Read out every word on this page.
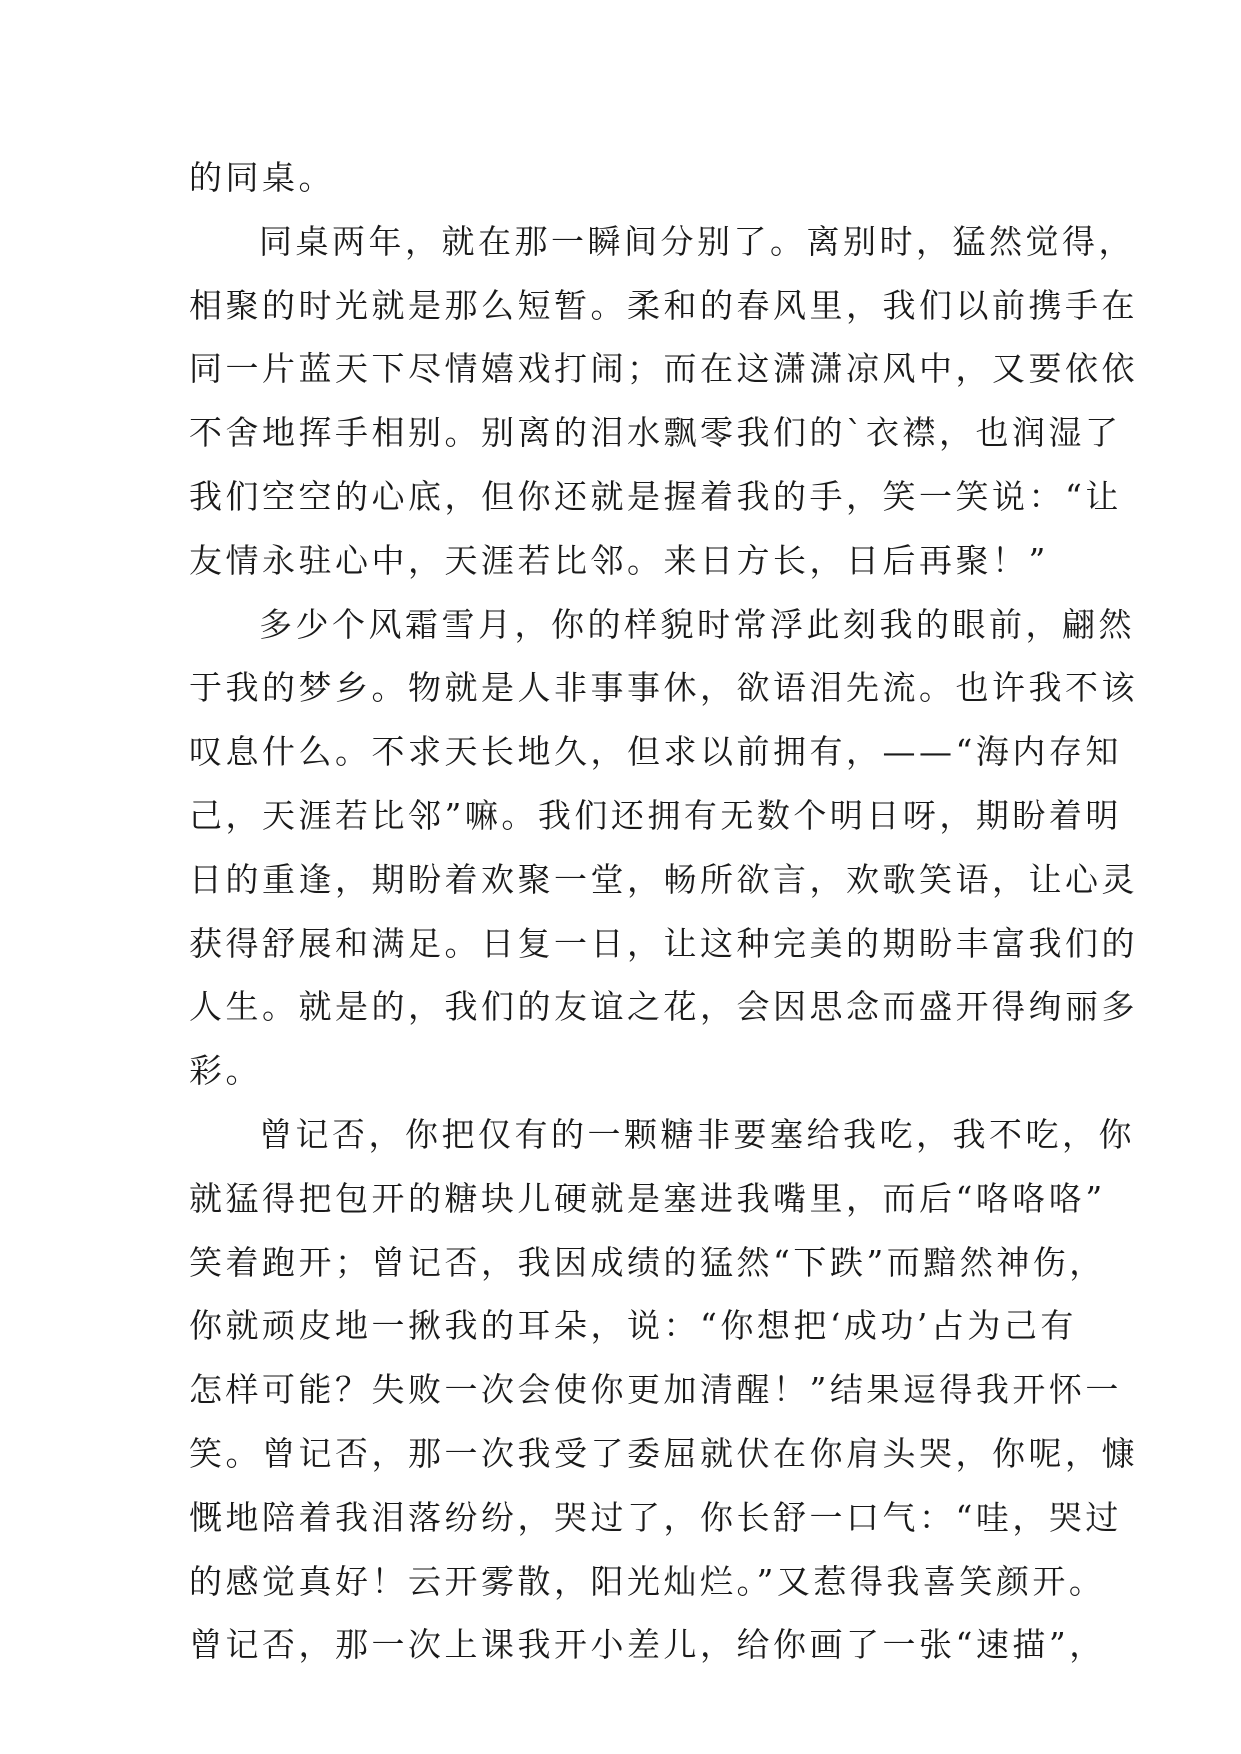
的同桌。
同桌两年，就在那一瞬间分别了。离别时，猛然觉得，
相聚的时光就是那么短暂。柔和的春风里，我们以前携手在
同一片蓝天下尽情嬉戏打闹；而在这潇潇凉风中，又要依依
不舍地挥手相别。别离的泪水飘零我们的`衣襟，也润湿了
我们空空的心底，但你还就是握着我的手，笑一笑说：“让
友情永驻心中，天涯若比邻。来日方长，日后再聚！”
多少个风霜雪月，你的样貌时常浮此刻我的眼前，翩然
于我的梦乡。物就是人非事事休，欲语泪先流。也许我不该
叹息什么。不求天长地久，但求以前拥有，——“海内存知
己，天涯若比邻”嘛。我们还拥有无数个明日呀，期盼着明
日的重逢，期盼着欢聚一堂，畅所欲言，欢歌笑语，让心灵
获得舒展和满足。日复一日，让这种完美的期盼丰富我们的
人生。就是的，我们的友谊之花，会因思念而盛开得绚丽多
彩。
曾记否，你把仅有的一颗糖非要塞给我吃，我不吃，你
就猛得把包开的糖块儿硬就是塞进我嘴里，而后“咯咯咯”
笑着跑开；曾记否，我因成绩的猛然“下跌”而黯然神伤，
你就顽皮地一揪我的耳朵，说：“你想把‘成功’占为己有
怎样可能？失败一次会使你更加清醒！”结果逗得我开怀一
笑。曾记否，那一次我受了委屈就伏在你肩头哭，你呢，慷
慨地陪着我泪落纷纷，哭过了，你长舒一口气：“哇，哭过
的感觉真好！云开雾散，阳光灿烂。”又惹得我喜笑颜开。
曾记否，那一次上课我开小差儿，给你画了一张“速描”，
